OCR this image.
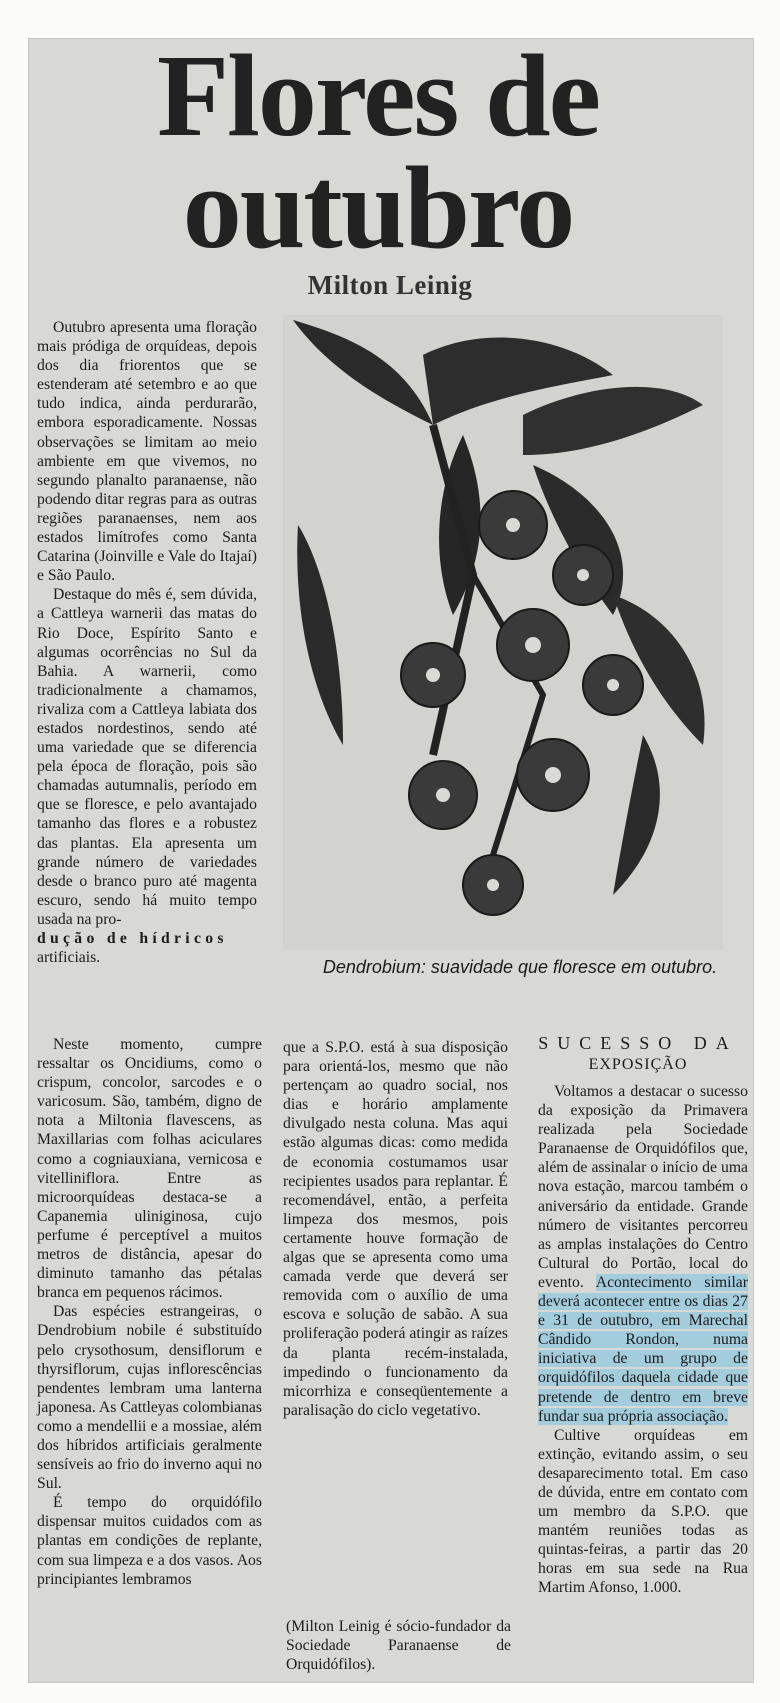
Flores de
outubro
Milton Leinig

Outubro apresenta uma floração mais pródiga de orquídeas, depois dos dia friorentos que se estenderam até setembro e ao que tudo indica, ainda perdurarão, embora esporadicamente. Nossas observações se limitam ao meio ambiente em que vivemos, no segundo planalto paranaense, não podendo ditar regras para as outras regiões paranaenses, nem aos estados limítrofes como Santa Catarina (Joinville e Vale do Itajaí) e São Paulo.

Destaque do mês é, sem dúvida, a Cattleya warnerii das matas do Rio Doce, Espírito Santo e algumas ocorrências no Sul da Bahia. A warnerii, como tradicionalmente a chamamos, rivaliza com a Cattleya labiata dos estados nordestinos, sendo até uma variedade que se diferencia pela época de floração, pois são chamadas autumnalis, período em que se floresce, e pelo avantajado tamanho das flores e a robustez das plantas. Ela apresenta um grande número de variedades desde o branco puro até magenta escuro, sendo há muito tempo usada na pro-

dução de hídricos

artificiais.	Dendrobium: suavidade que floresce em outubro.

Neste momento, cumpre ressaltar os Oncidiums, como o crispum, concolor, sarcodes e o varicosum. São, também, digno de nota a Miltonia flavescens, as Maxillarias com folhas aciculares como a cogniauxiana, vernicosa e vitelliniflora. Entre as microorquídeas destaca-se a Capanemia uliniginosa, cujo perfume é perceptível a muitos metros de distância, apesar do diminuto tamanho das pétalas branca em pequenos rácimos.

Das espécies estrangeiras, o Dendrobium nobile é substituído pelo crysothosum, densiflorum e thyrsiflorum, cujas inflorescências pendentes lembram uma lanterna japonesa. As Cattleyas colombianas como a mendellii e a mossiae, além dos híbridos artificiais geralmente sensíveis ao frio do inverno aqui no Sul.

É tempo do orquidófilo dispensar muitos cuidados com as plantas em condições de replante, com sua limpeza e a dos vasos. Aos principiantes lembramos

que a S.P.O. está à sua disposição para orientá-los, mesmo que não pertençam ao quadro social, nos dias e horário amplamente divulgado nesta coluna. Mas aqui estão algumas dicas: como medida de economia costumamos usar recipientes usados para replantar. É recomendável, então, a perfeita limpeza dos mesmos, pois certamente houve formação de algas que se apresenta como uma camada verde que deverá ser removida com o auxílio de uma escova e solução de sabão. A sua proliferação poderá atingir as raízes da planta recém-instalada, impedindo o funcionamento da micorrhiza e conseqüentemente a paralisação do ciclo vegetativo.

(Milton Leinig é sócio-fundador da Sociedade Paranaense de Orquidófilos).
SUCESSO DA
EXPOSIÇÃO

Voltamos a destacar o sucesso da exposição da Primavera realizada pela Sociedade Paranaense de Orquidófilos que, além de assinalar o início de uma nova estação, marcou também o aniversário da entidade. Grande número de visitantes percorreu as amplas instalações do Centro Cultural do Portão, local do evento. Acontecimento similar deverá acontecer entre os dias 27 e 31 de outubro, em Marechal Cândido Rondon, numa iniciativa de um grupo de orquidófilos daquela cidade que pretende de dentro em breve fundar sua própria associação.

Cultive orquídeas em extinção, evitando assim, o seu desaparecimento total. Em caso de dúvida, entre em contato com um membro da S.P.O. que mantém reuniões todas as quintas-feiras, a partir das 20 horas em sua sede na Rua Martim Afonso, 1.000.
